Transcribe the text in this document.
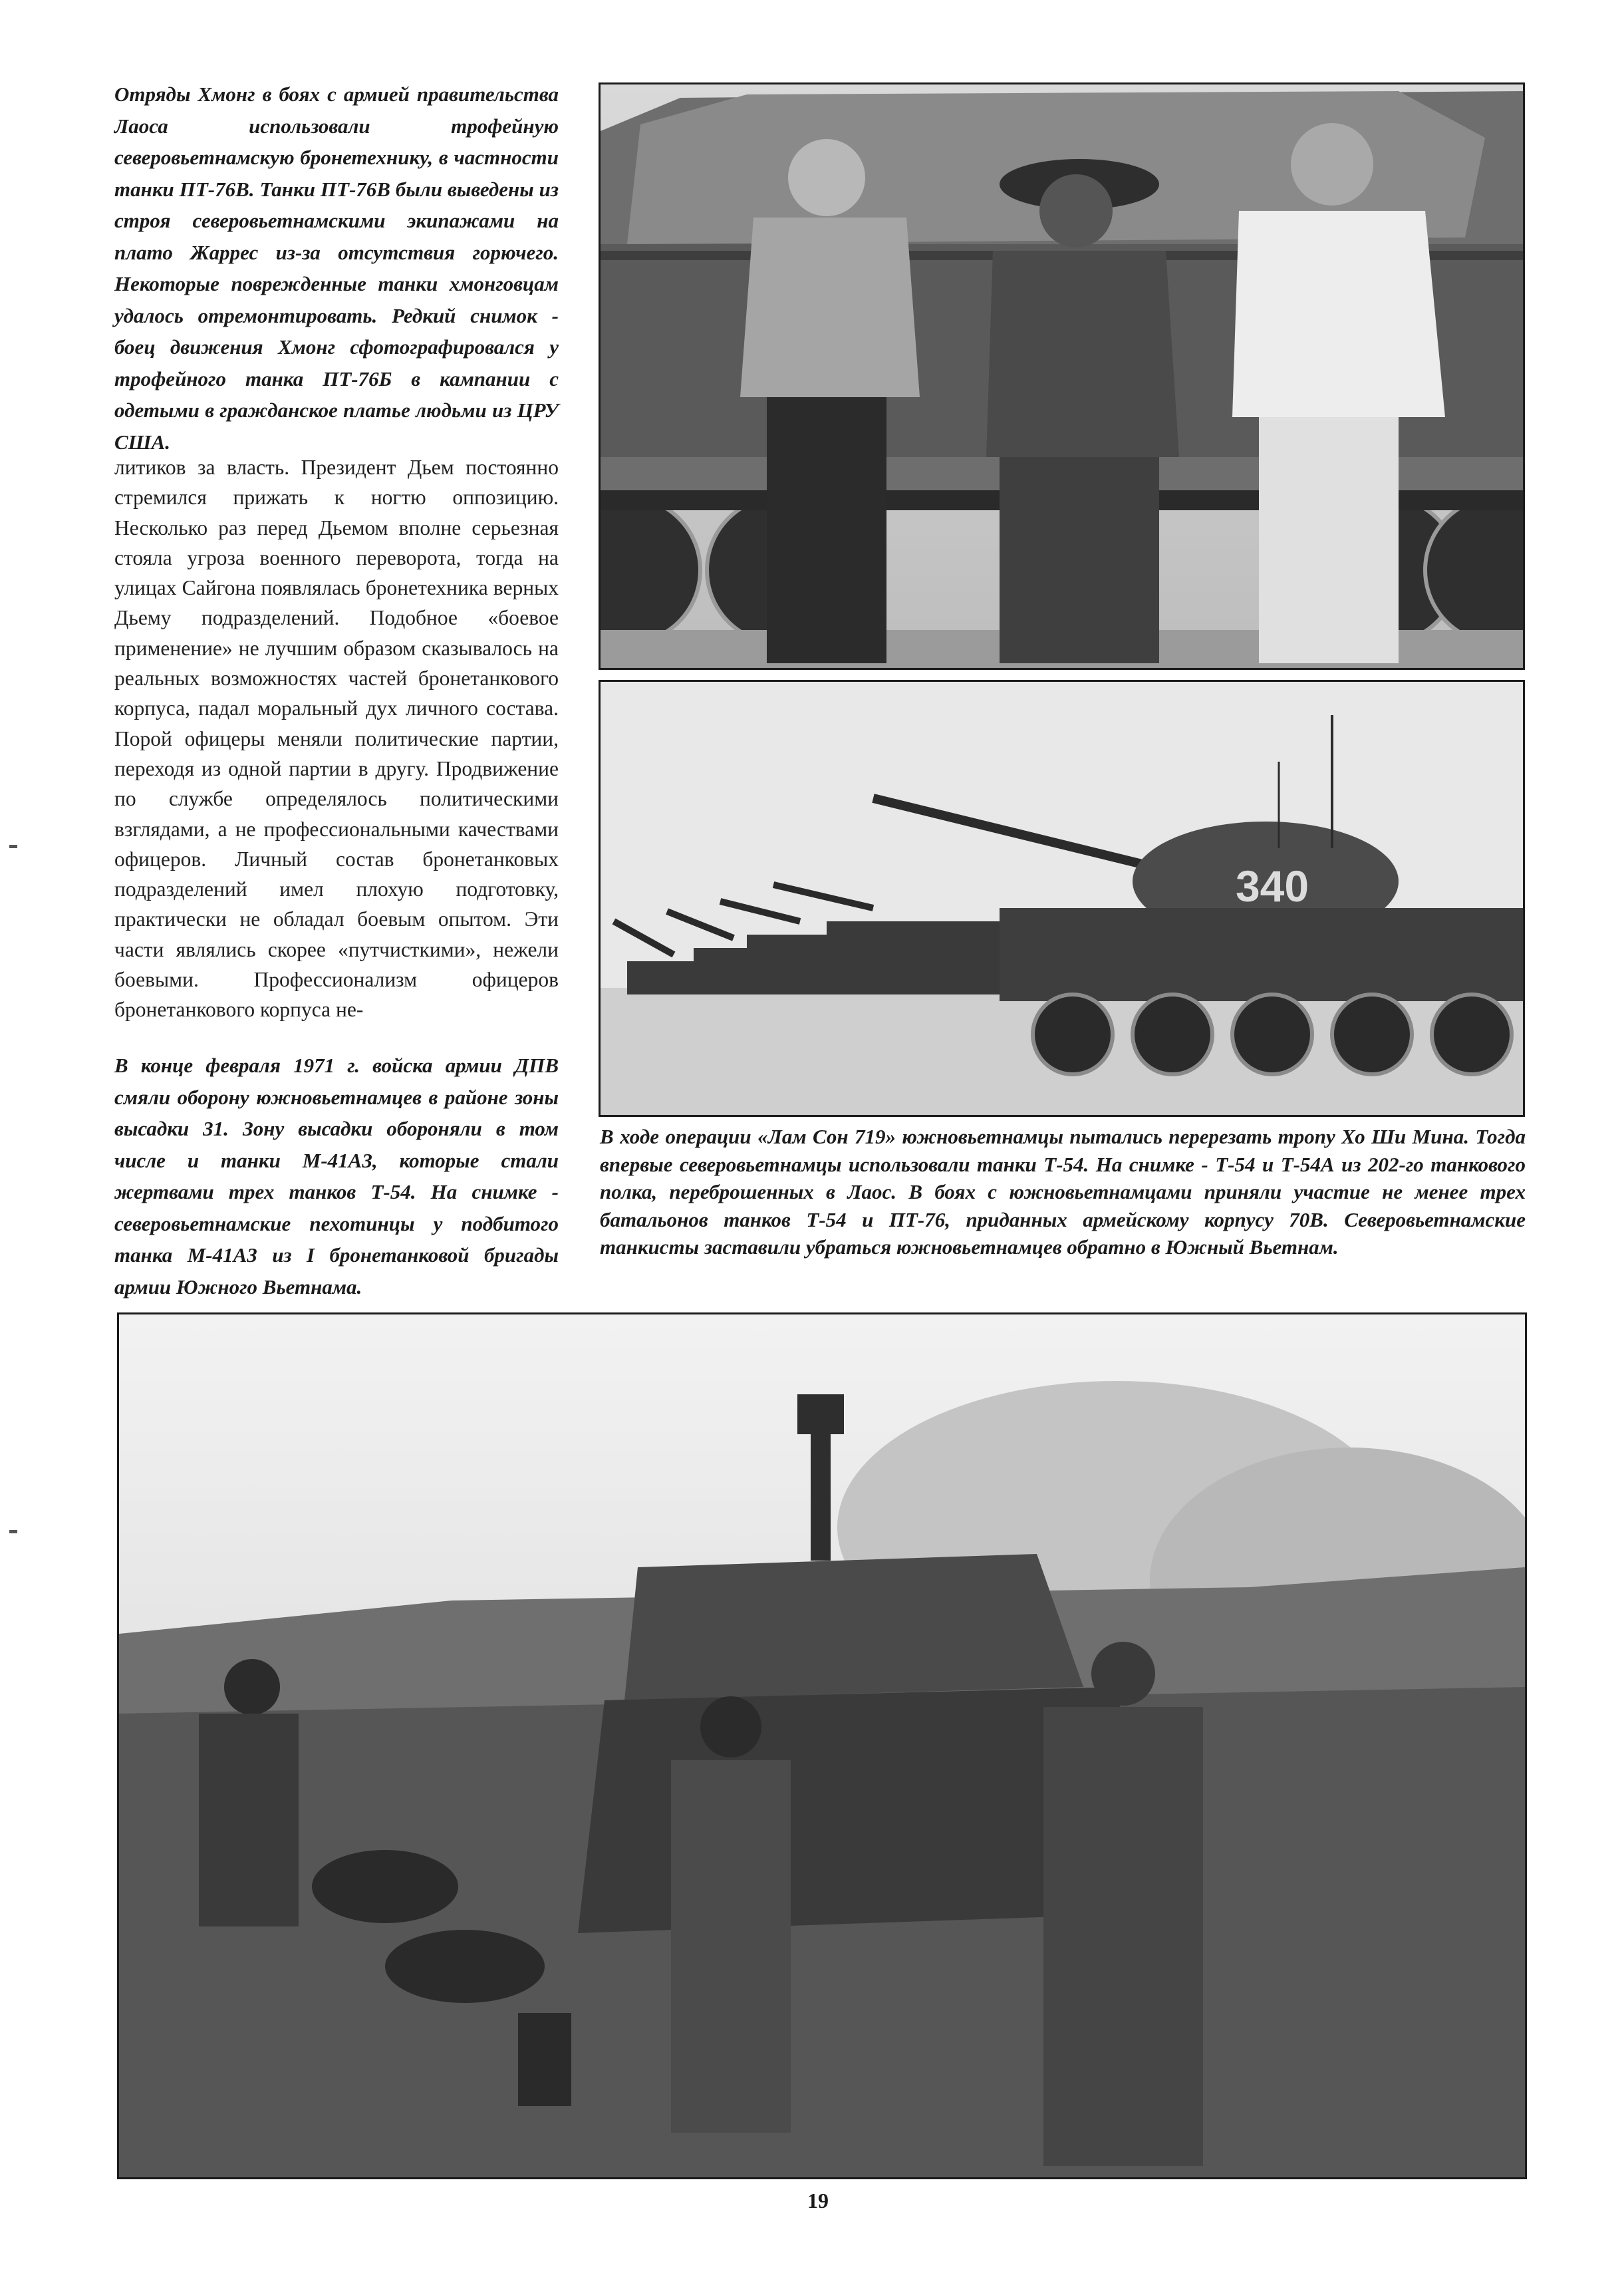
Отряды Хмонг в боях с армией правительства Лаоса использовали трофейную северовьетнамскую бронетехнику, в частности танки ПТ-76В. Танки ПТ-76В были выведены из строя северовьетнамскими экипажами на плато Жаррес из-за отсутствия горючего. Некоторые поврежденные танки хмонговцам удалось отремонтировать. Редкий снимок - боец движения Хмонг сфотографировался у трофейного танка ПТ-76Б в кампании с одетыми в гражданское платье людьми из ЦРУ США.

литиков за власть. Президент Дьем постоянно стремился прижать к ногтю оппозицию. Несколько раз перед Дьемом вполне серьезная стояла угроза военного переворота, тогда на улицах Сайгона появлялась бронетехника верных Дьему подразделений. Подобное «боевое применение» не лучшим образом сказывалось на реальных возможностях частей бронетанкового корпуса, падал моральный дух личного состава. Порой офицеры меняли политические партии, переходя из одной партии в другу. Продвижение по службе определялось политическими взглядами, а не профессиональными качествами офицеров. Личный состав бронетанковых подразделений имел плохую подготовку, практически не обладал боевым опытом. Эти части являлись скорее «путчисткими», нежели боевыми. Профессионализм офицеров бронетанкового корпуса не-

В конце февраля 1971 г. войска армии ДПВ смяли оборону южновьетнамцев в районе зоны высадки 31. Зону высадки обороняли в том числе и танки М-41А3, которые стали жертвами трех танков Т-54. На снимке - северовьетнамские пехотинцы у подбитого танка М-41А3 из I бронетанковой бригады армии Южного Вьетнама.

340

В ходе операции «Лам Сон 719» южновьетнамцы пытались перерезать тропу Хо Ши Мина. Тогда впервые северовьетнамцы использовали танки Т-54. На снимке - Т-54 и Т-54А из 202-го танкового полка, переброшенных в Лаос. В боях с южновьетнамцами приняли участие не менее трех батальонов танков Т-54 и ПТ-76, приданных армейскому корпусу 70В. Северовьетнамские танкисты заставили убраться южновьетнамцев обратно в Южный Вьетнам.

19
